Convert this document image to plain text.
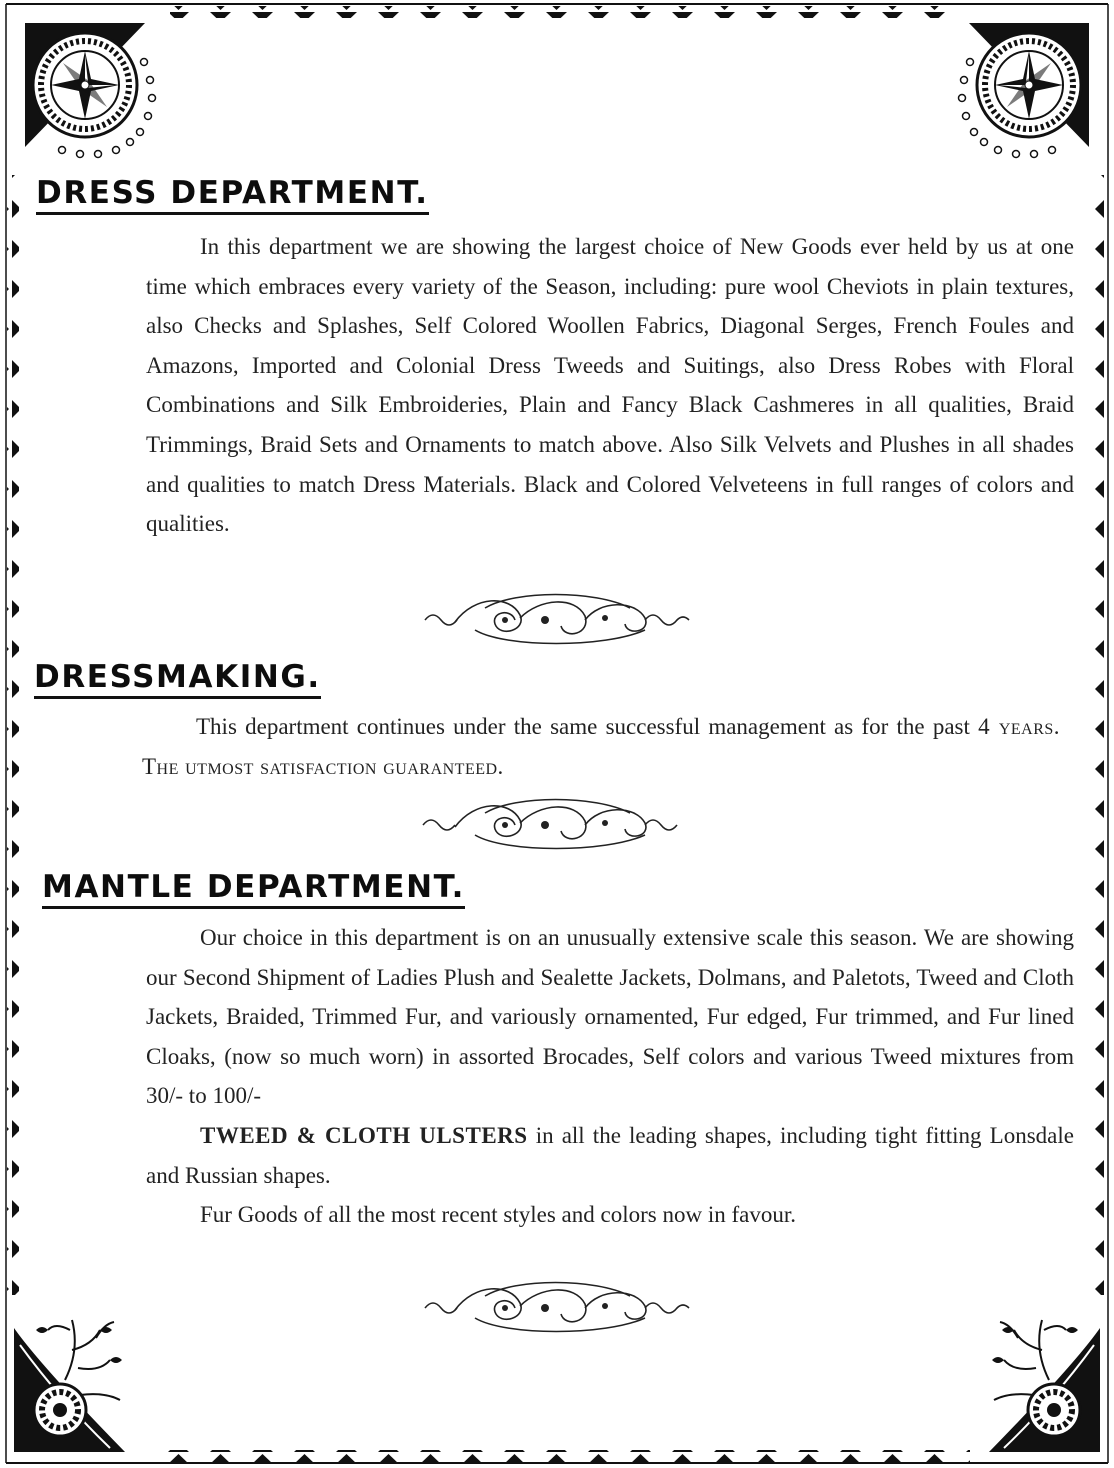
DRESS DEPARTMENT.

In this department we are showing the largest choice of New Goods ever held by us at one time which embraces every variety of the Season, including: pure wool Cheviots in plain textures, also Checks and Splashes, Self Colored Woollen Fabrics, Diagonal Serges, French Foules and Amazons, Imported and Colonial Dress Tweeds and Suitings, also Dress Robes with Floral Combinations and Silk Embroideries, Plain and Fancy Black Cashmeres in all qualities, Braid Trimmings, Braid Sets and Ornaments to match above. Also Silk Velvets and Plushes in all shades and qualities to match Dress Materials. Black and Colored Velveteens in full ranges of colors and qualities.

DRESSMAKING.

This department continues under the same successful management as for the past 4 years.   The utmost satisfaction guaranteed.

MANTLE DEPARTMENT.

Our choice in this department is on an unusually extensive scale this season. We are showing our Second Shipment of Ladies Plush and Sealette Jackets, Dolmans, and Paletots, Tweed and Cloth Jackets, Braided, Trimmed Fur, and variously ornamented, Fur edged, Fur trimmed, and Fur lined Cloaks, (now so much worn) in assorted Brocades, Self colors and various Tweed mixtures from 30/- to 100/-

TWEED & CLOTH ULSTERS in all the leading shapes, including tight fitting Lonsdale and Russian shapes.

Fur Goods of all the most recent styles and colors now in favour.
